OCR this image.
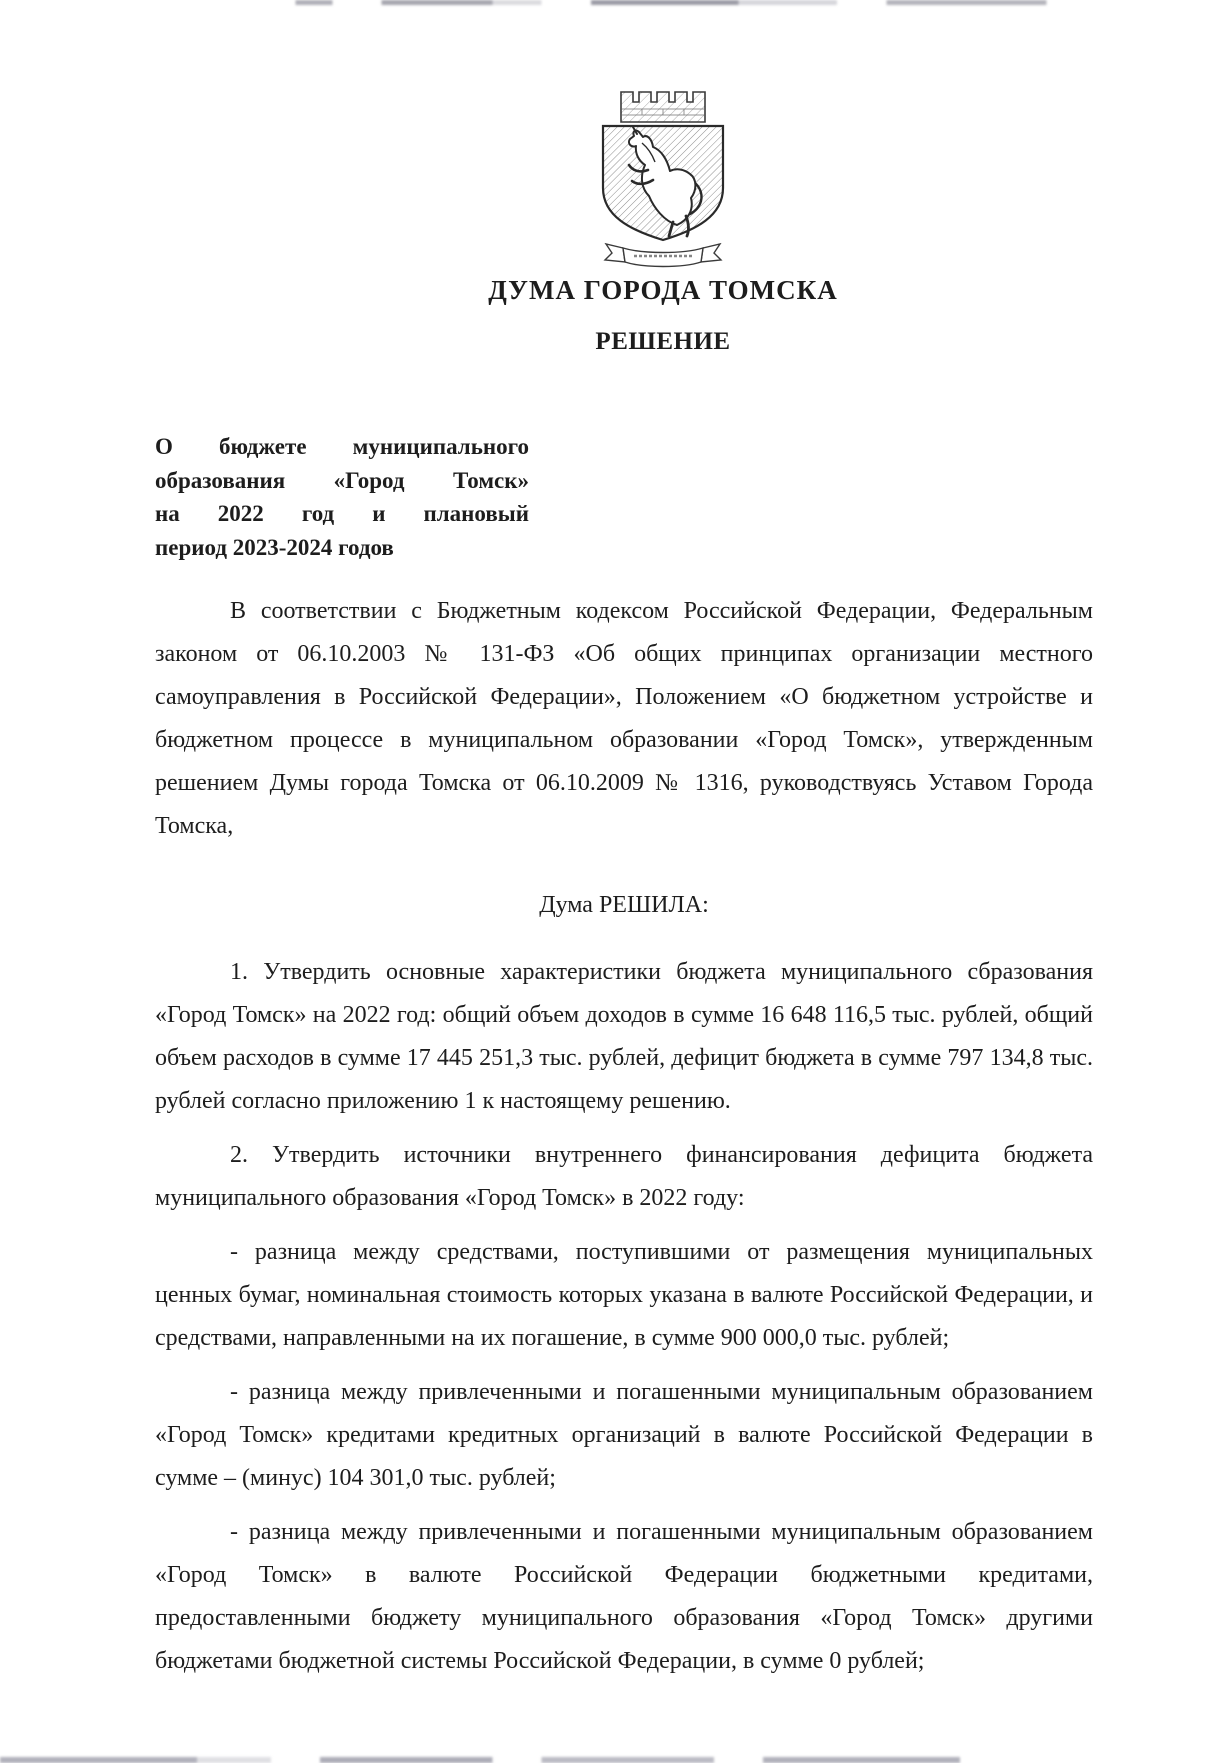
ДУМА ГОРОДА ТОМСКА
РЕШЕНИЕ
О бюджете муниципального
образования «Город Томск»
на 2022 год и плановый
период 2023-2024 годов

В соответствии с Бюджетным кодексом Российской Федерации, Федеральным законом от 06.10.2003 № 131-ФЗ «Об общих принципах организации местного самоуправления в Российской Федерации», Положением «О бюджетном устройстве и бюджетном процессе в муниципальном образовании «Город Томск», утвержденным решением Думы города Томска от 06.10.2009 № 1316, руководствуясь Уставом Города Томска,

Дума РЕШИЛА:

1. Утвердить основные характеристики бюджета муниципального сбразования «Город Томск» на 2022 год: общий объем доходов в сумме 16 648 116,5 тыс. рублей, общий объем расходов в сумме 17 445 251,3 тыс. рублей, дефицит бюджета в сумме 797 134,8 тыс. рублей согласно приложению 1 к настоящему решению.

2. Утвердить источники внутреннего финансирования дефицита бюджета муниципального образования «Город Томск» в 2022 году:

- разница между средствами, поступившими от размещения муниципальных ценных бумаг, номинальная стоимость которых указана в валюте Российской Федерации, и средствами, направленными на их погашение, в сумме 900 000,0 тыс. рублей;

- разница между привлеченными и погашенными муниципальным образованием «Город Томск» кредитами кредитных организаций в валюте Российской Федерации в сумме – (минус) 104 301,0 тыс. рублей;

- разница между привлеченными и погашенными муниципальным образованием «Город Томск» в валюте Российской Федерации бюджетными кредитами, предоставленными бюджету муниципального образования «Город Томск» другими бюджетами бюджетной системы Российской Федерации, в сумме 0 рублей;
